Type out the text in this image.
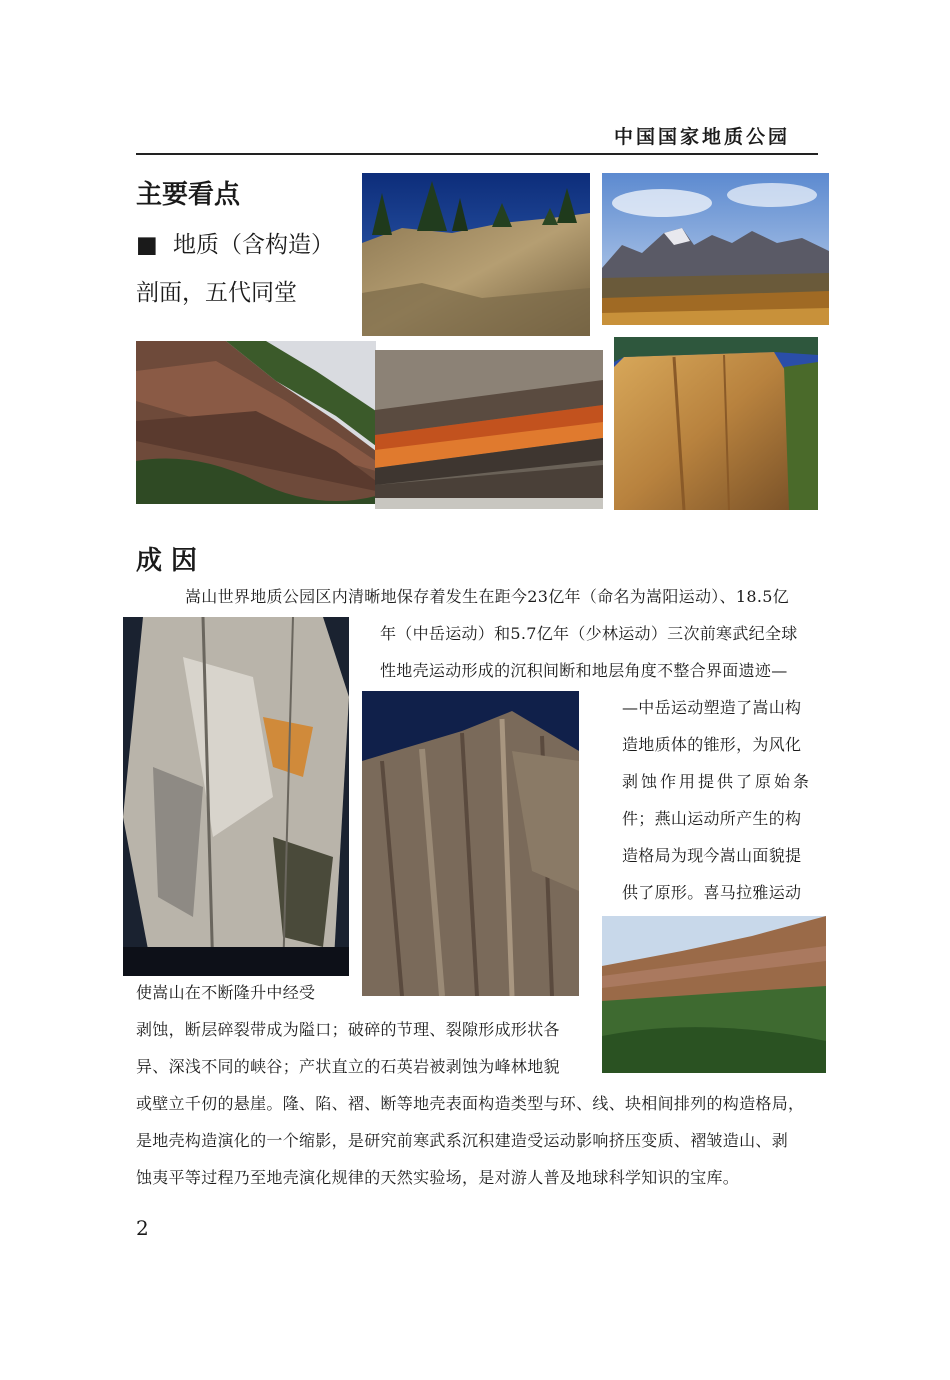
中国国家地质公园
主要看点
■ 地质（含构造）
剖面，五代同堂
成 因
嵩山世界地质公园区内清晰地保存着发生在距今23亿年（命名为嵩阳运动）、18.5亿
年（中岳运动）和5.7亿年（少林运动）三次前寒武纪全球
性地壳运动形成的沉积间断和地层角度不整合界面遗迹—
—中岳运动塑造了嵩山构
造地质体的锥形，为风化
剥蚀作用提供了原始条
件；燕山运动所产生的构
造格局为现今嵩山面貌提
供了原形。喜马拉雅运动
使嵩山在不断隆升中经受
剥蚀，断层碎裂带成为隘口；破碎的节理、裂隙形成形状各
异、深浅不同的峡谷；产状直立的石英岩被剥蚀为峰林地貌
或壁立千仞的悬崖。隆、陷、褶、断等地壳表面构造类型与环、线、块相间排列的构造格局，
是地壳构造演化的一个缩影，是研究前寒武系沉积建造受运动影响挤压变质、褶皱造山、剥
蚀夷平等过程乃至地壳演化规律的天然实验场，是对游人普及地球科学知识的宝库。
2
